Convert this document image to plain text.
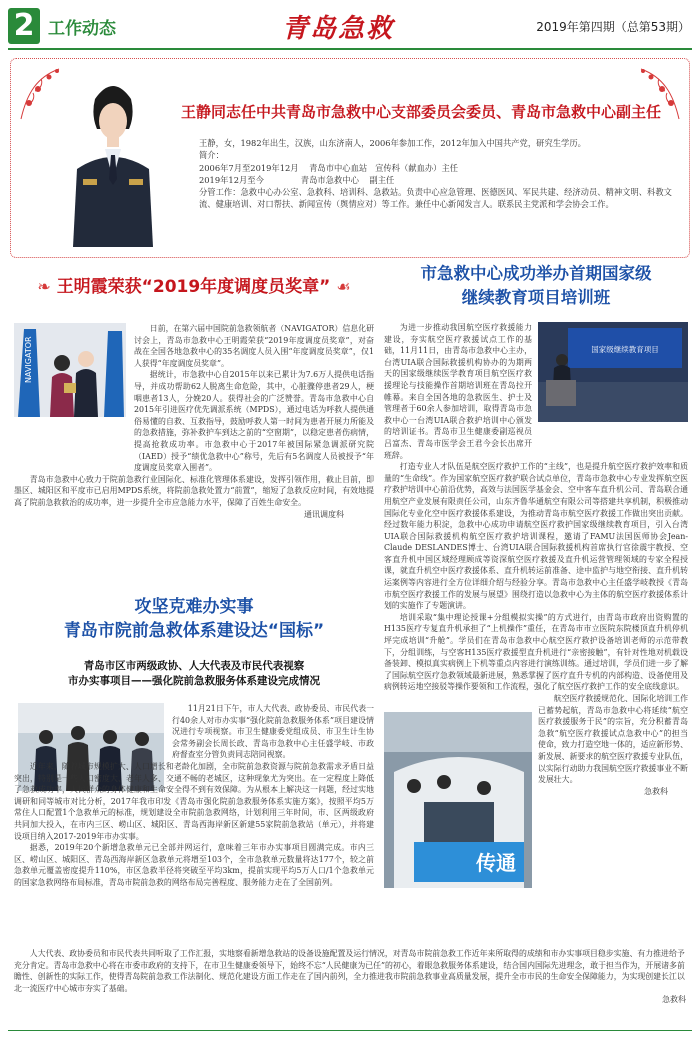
2 工作动态	青岛急救	2019年第四期（总第53期）
王静同志任中共青岛市急救中心支部委员会委员、青岛市急救中心副主任

王静，女，1982年出生，汉族，山东济南人，2006年参加工作，2012年加入中国共产党，研究生学历。

简介：

2006年7月至2019年12月    青岛市中心血站   宣传科（献血办）主任

2019年12月至今              青岛市急救中心    副主任

分管工作：急救中心办公室、急救科、培训科、急救站。负责中心应急管理、医德医风、军民共建、经济动员、精神文明、科教文流、健康培训、对口帮扶、新闻宣传（舆情应对）等工作。兼任中心新闻发言人。联系民主党派和学会协会工作。

❧ 王明霞荣获“2019年度调度员奖章” ☙
NAVIGATOR

日前，在第六届中国院前急救领航者（NAVIGATOR）信息化研讨会上，青岛市急救中心王明霞荣获“2019年度调度员奖章”，对奋战在全国各地急救中心的35名调度人员入围“年度调度员奖章”，仅1人获得“年度调度员奖章”。

据统计，市急救中心自2015年以来已累计为7.6万人提供电话指导，并成功帮助62人脱离生命危险，其中，心脏骤停患者29人，梗咽患者13人，分娩20人。获得社会的广泛赞誉。青岛市急救中心自2015年引进医疗优先调派系统（MPDS），通过电话为呼救人提供通俗易懂的自救、互救指导，鼓励呼救人第一时间为患者开展力所能及的急救措施，弥补救护车到达之前的“空窗期”，以稳定患者伤病情，提高抢救成功率。市急救中心于2017年被国际紧急调派研究院（IAED）授予“绩优急救中心”称号，先后有5名调度人员被授予“年度调度员奖章入围者”。

青岛市急救中心致力于院前急救行业国际化、标准化管理体系建设，发挥引领作用，截止目前，即墨区、城阳区和平度市已启用MPDS系统，将院前急救处置力“前置”，缩短了急救反应时间，有效地提高了院前急救救治的成功率，进一步提升全市应急能力水平，保障了百姓生命安全。

通讯调度科
攻坚克难办实事
青岛市院前急救体系建设达“国标”
青岛市区市两级政协、人大代表及市民代表视察
市办实事项目——强化院前急救服务体系建设完成情况

11月21日下午，市人大代表、政协委员、市民代表一行40余人对市办实事“强化院前急救服务体系”项目建设情况进行专项视察。市卫生健康委党组成员、市卫生计生协会常务副会长周长政、青岛市急救中心主任盛学岐、市政府督查室分管负责同志陪同视察。

近年来，随着城市规模扩大、人口增长和老龄化加剧，全市院前急救资源与院前急救需求矛盾日益突出，特别是一些人口密度大、老年人多、交通不畅的老城区，这种现象尤为突出。在一定程度上降低了急救成功率，人民群众的身体健康和生命安全得不到有效保障。为从根本上解决这一问题，经过实地调研和同等城市对比分析，2017年我市印发《青岛市强化院前急救服务体系实施方案》，按照平均5万常住人口配置1个急救单元的标准，规划建设全市院前急救网络，计划利用三年时间，市、区两级政府共同加大投入，在市内三区、崂山区、城阳区、青岛西海岸新区新建55家院前急救站（单元），并将建设项目纳入2017-2019年市办实事。

据悉，2019年20个新增急救单元已全部并网运行，意味着三年市办实事项目圆满完成。市内三区、崂山区、城阳区、青岛西海岸新区急救单元将增至103个，全市急救单元数量将达177个，较之前急救单元覆盖密度提升110%，市区急救半径将突破至平均3km，提前实现平均5万人口/1个急救单元的国家急救网络布局标准，青岛市院前急救的网络布局完善程度、服务能力走在了全国前列。

市急救中心成功举办首期国家级
继续教育项目培训班
国家级继续教育项目
传通

为进一步推动我国航空医疗救援能力建设，夯实航空医疗救援试点工作的基础，11月11日，由青岛市急救中心主办，台湾UIA联合国际救援机构协办的为期两天的国家级继续医学教育项目航空医疗救援理论与技能操作首期培训班在青岛拉开帷幕。来自全国各地的急救医生、护士及管理者于60余人参加培训，取得青岛市急救中心一台湾UIA联合救护培训中心颁发的培训证书。青岛市卫生健康委副巡视员吕富杰、青岛市医学会王君今会长出席开班辞。

打造专业人才队伍是航空医疗救护工作的“主线”，也是提升航空医疗救护效率和质量的“生命线”。作为国家航空医疗救护联合试点单位，青岛市急救中心专业发挥航空医疗救护培训中心前沿优势，高效与法国医学基金会、空中客车直升机公司、青岛联合通用航空产业发展有限责任公司，山东齐鲁华通航空有限公司等搭建共享机制，积极推动国际化专业化空中医疗救援体系建设，为推动青岛市航空医疗救援工作做出突出贡献。经过数年能力积淀，急救中心成功申请航空医疗救护国家级继续教育项目，引入台湾UIA联合国际救援机构航空医疗救护培训课程，邀请了FAMU法国医师协会Jean-Claude DESLANDES博士、台湾UIA联合国际救援机构首席执行官徐震宇教授、空客直升机中国区域经理顾成等资深航空医疗救援及直升机运营管理领域的专家全程授课，就直升机空中医疗救援体系、直升机转运前准备、途中监护与地空衔接、直升机转运案例等内容进行全方位详细介绍与经验分享。青岛市急救中心主任盛学岐教授《青岛市航空医疗救援工作的发展与展望》围绕打造以急救中心为主体的航空医疗救援体系计划的实施作了专题演讲。

培训采取“集中理论授课+分组模拟实操”的方式进行，由青岛市政府出资购置的H135医疗专复直升机承担了“上机操作”重任，在青岛市市立医院东院楼顶直升机停机坪完成培训“升舱”。学员们在青岛市急救中心航空医疗救护设备培训老师的示范带教下，分组训练，与空客H135医疗救援型直升机进行“亲密接触”，有针对性地对机载设备装卸、模拟真实病例上下机等重点内容进行演练训练。通过培训，学员们进一步了解了国际航空医疗急救领域最新进展，熟悉掌握了医疗直升专机的内部构造、设备使用及病例转运地空接驳等操作要领和工作流程，强化了航空医疗救护工作的安全底线意识。

航空医疗救援规范化、国际化培训工作已蓄势起航，青岛市急救中心将延续“航空医疗救援服务于民”的宗旨，充分积蓄青岛急救“航空医疗救援试点急救中心”的担当使命，致力打造空地一体的，适应新形势、新发展、新要求的航空医疗救援专业队伍，以实际行动助力我国航空医疗救援事业不断发展壮大。

急救科

人大代表、政协委员和市民代表共同听取了工作汇报，实地察看新增急救站的设备设施配置及运行情况，对青岛市院前急救工作近年来所取得的成绩和市办实事项目稳步实施、有力推进给予充分肯定。青岛市急救中心将在市委市政府的支持下，在市卫生健康委领导下，始终不忘“人民健康为已任”的初心，着眼急救服务体系建设，结合国内国际先进理念，敢于担当作为，开展诸多前瞻性、创新性的实际工作，使得青岛院前急救工作法制化、规范化建设方面工作走在了国内前列，全力推进我市院前急救事业高质量发展，提升全市市民的生命安全保障能力，为实现创建长江以北一流医疗中心城市夯实了基础。

急救科
